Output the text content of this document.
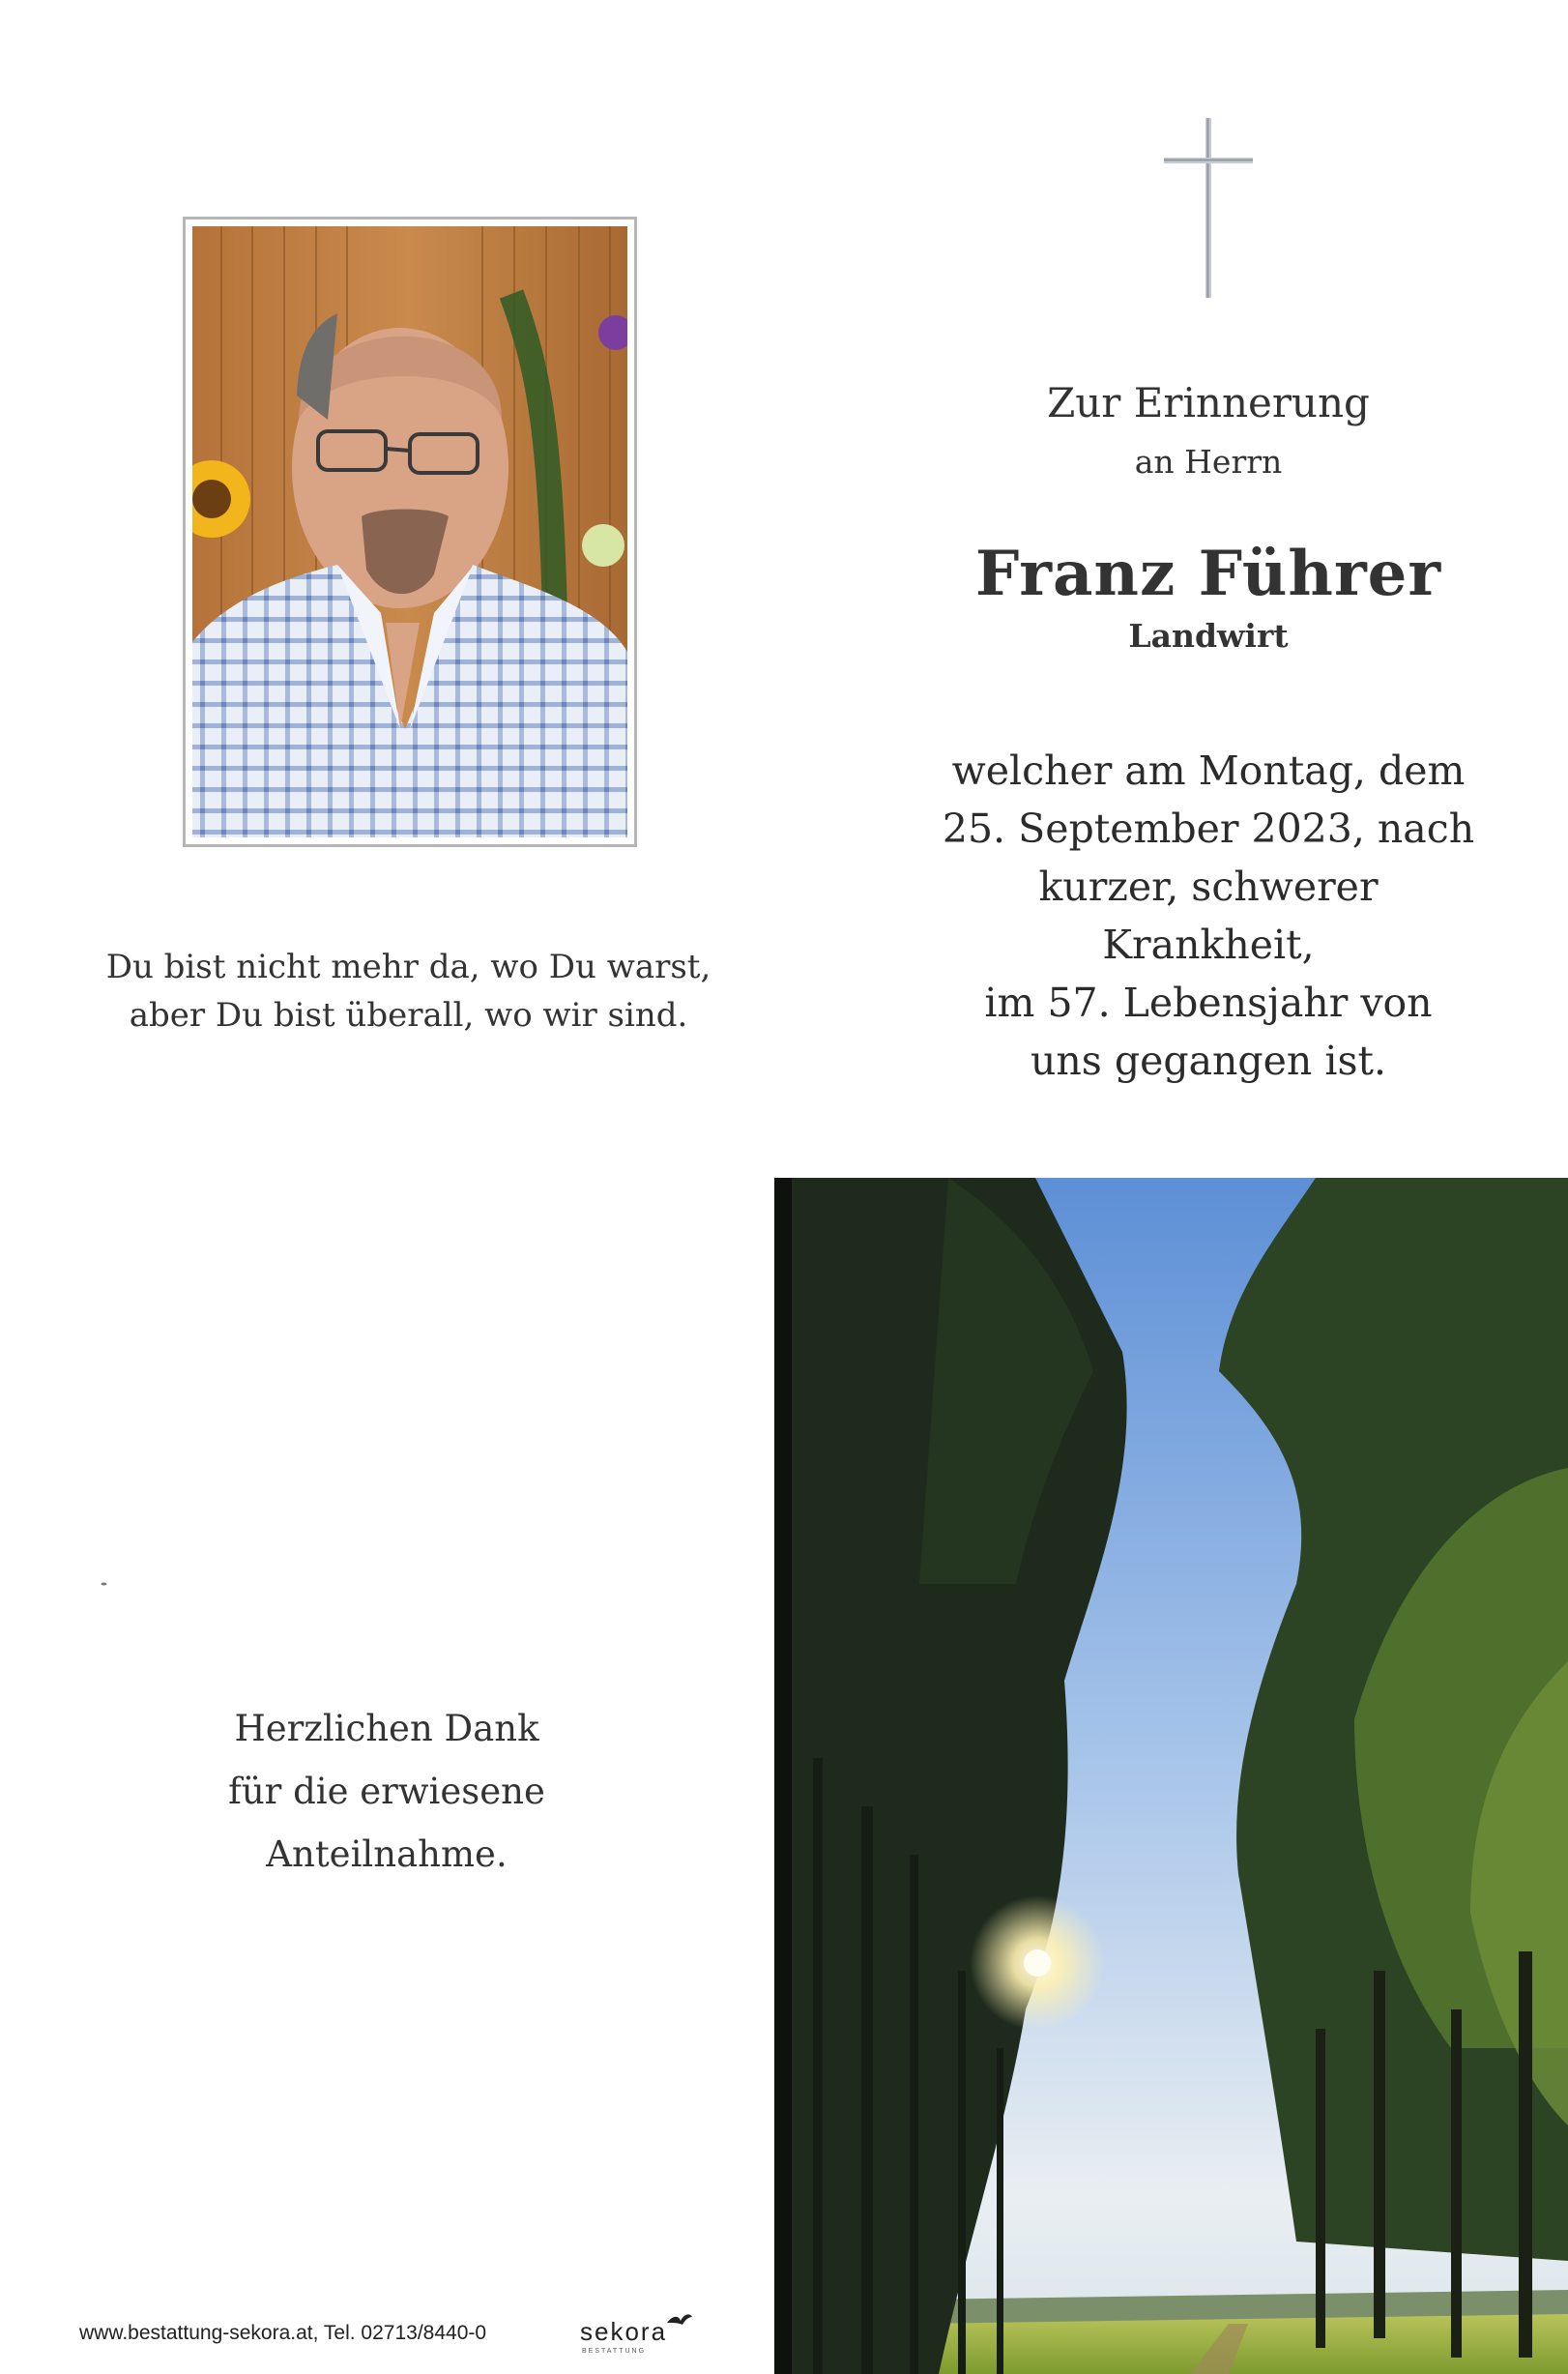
Du bist nicht mehr da, wo Du warst,
aber Du bist überall, wo wir sind.
Zur Erinnerung
an Herrn
Franz Führer
Landwirt
welcher am Montag, dem
25. September 2023, nach
kurzer, schwerer Krankheit,
im 57. Lebensjahr von
uns gegangen ist.
Herzlichen Dank
für die erwiesene
Anteilnahme.
www.bestattung-sekora.at, Tel. 02713/8440-0	sekora
BESTATTUNG
